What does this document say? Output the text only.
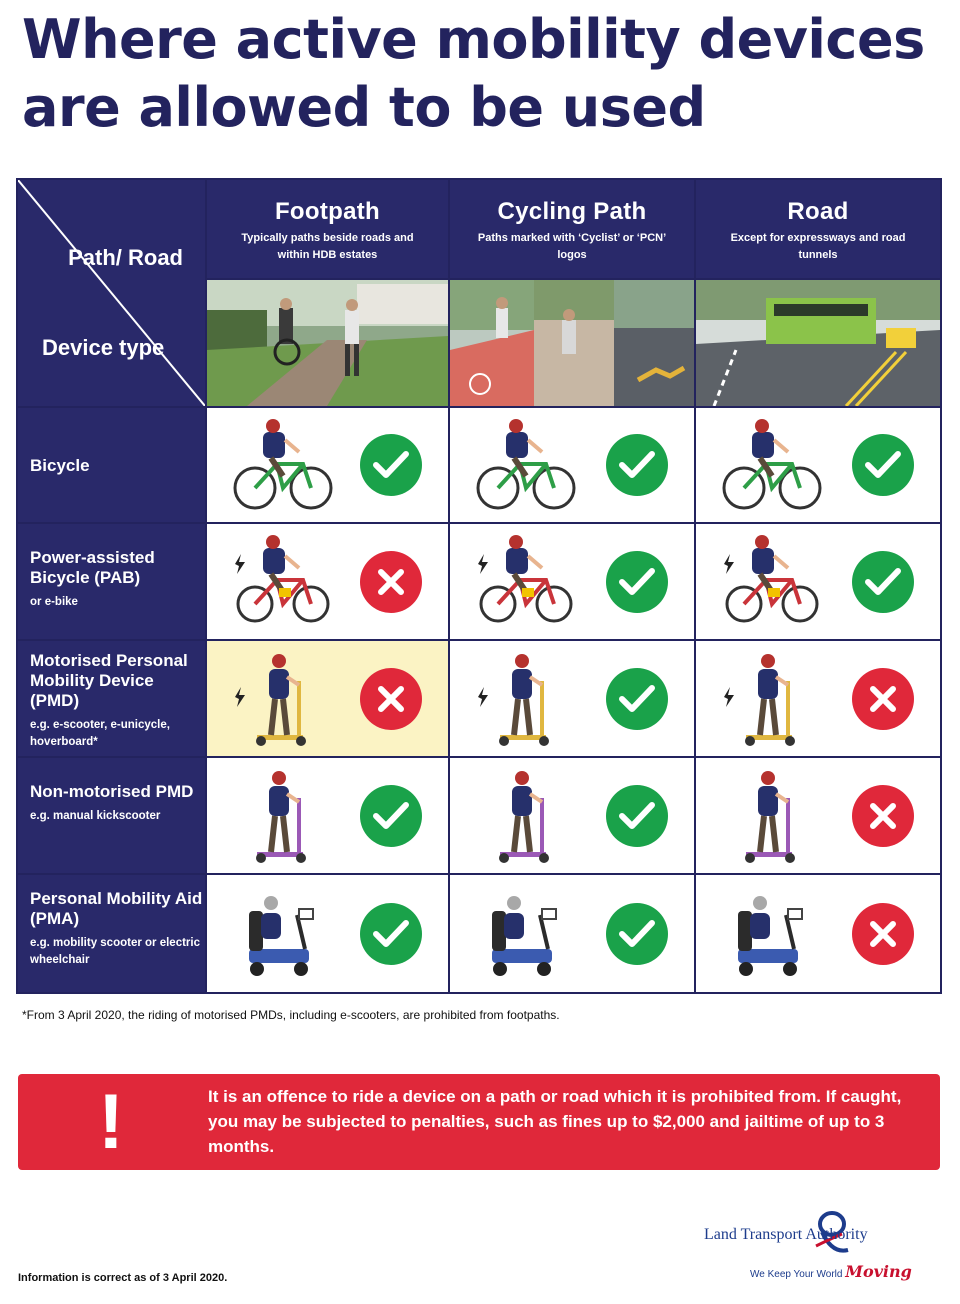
Where active mobility devices are allowed to be used
Path/ Road
Device type
Footpath
Typically paths beside roads and within HDB estates
Cycling Path
Paths marked with ‘Cyclist’ or ‘PCN’ logos
Road
Except for expressways and road tunnels
Bicycle
Power-assisted Bicycle (PAB)
or e-bike
Motorised Personal Mobility Device (PMD)
e.g. e-scooter, e-unicycle, hoverboard*
Non-motorised PMD
e.g. manual kickscooter
Personal Mobility Aid (PMA)
e.g. mobility scooter or electric wheelchair
*From 3 April 2020, the riding of motorised PMDs, including e-scooters, are prohibited from footpaths.
!	It is an offence to ride a device on a path or road which it is prohibited from. If caught, you may be subjected to penalties, such as fines up to $2,000 and jailtime of up to 3 months.
Land Transport Authority
We Keep Your World Moving
Information is correct as of 3 April 2020.
